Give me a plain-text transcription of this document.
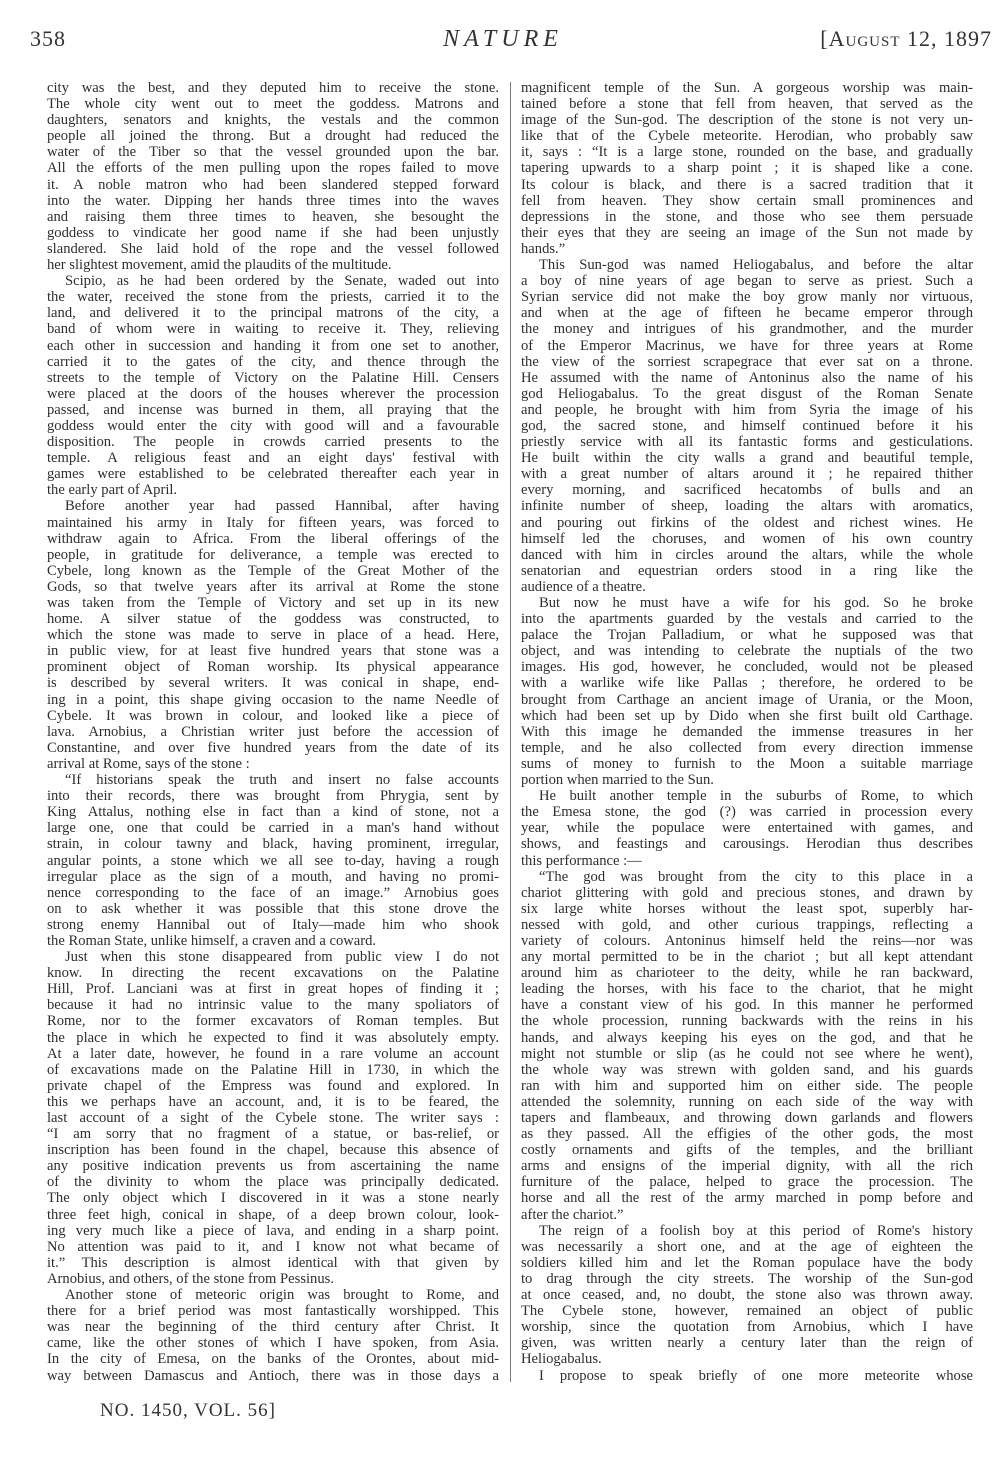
358	NATURE	[August 12, 1897
city was the best, and they deputed him to receive the stone.
The whole city went out to meet the goddess. Matrons and
daughters, senators and knights, the vestals and the common
people all joined the throng. But a drought had reduced the
water of the Tiber so that the vessel grounded upon the bar.
All the efforts of the men pulling upon the ropes failed to move
it. A noble matron who had been slandered stepped forward
into the water. Dipping her hands three times into the waves
and raising them three times to heaven, she besought the
goddess to vindicate her good name if she had been unjustly
slandered. She laid hold of the rope and the vessel followed
her slightest movement, amid the plaudits of the multitude.
Scipio, as he had been ordered by the Senate, waded out into
the water, received the stone from the priests, carried it to the
land, and delivered it to the principal matrons of the city, a
band of whom were in waiting to receive it. They, relieving
each other in succession and handing it from one set to another,
carried it to the gates of the city, and thence through the
streets to the temple of Victory on the Palatine Hill. Censers
were placed at the doors of the houses wherever the procession
passed, and incense was burned in them, all praying that the
goddess would enter the city with good will and a favourable
disposition. The people in crowds carried presents to the
temple. A religious feast and an eight days' festival with
games were established to be celebrated thereafter each year in
the early part of April.
Before another year had passed Hannibal, after having
maintained his army in Italy for fifteen years, was forced to
withdraw again to Africa. From the liberal offerings of the
people, in gratitude for deliverance, a temple was erected to
Cybele, long known as the Temple of the Great Mother of the
Gods, so that twelve years after its arrival at Rome the stone
was taken from the Temple of Victory and set up in its new
home. A silver statue of the goddess was constructed, to
which the stone was made to serve in place of a head. Here,
in public view, for at least five hundred years that stone was a
prominent object of Roman worship. Its physical appearance
is described by several writers. It was conical in shape, end-
ing in a point, this shape giving occasion to the name Needle of
Cybele. It was brown in colour, and looked like a piece of
lava. Arnobius, a Christian writer just before the accession of
Constantine, and over five hundred years from the date of its
arrival at Rome, says of the stone :
“If historians speak the truth and insert no false accounts
into their records, there was brought from Phrygia, sent by
King Attalus, nothing else in fact than a kind of stone, not a
large one, one that could be carried in a man's hand without
strain, in colour tawny and black, having prominent, irregular,
angular points, a stone which we all see to-day, having a rough
irregular place as the sign of a mouth, and having no promi-
nence corresponding to the face of an image.” Arnobius goes
on to ask whether it was possible that this stone drove the
strong enemy Hannibal out of Italy—made him who shook
the Roman State, unlike himself, a craven and a coward.
Just when this stone disappeared from public view I do not
know. In directing the recent excavations on the Palatine
Hill, Prof. Lanciani was at first in great hopes of finding it ;
because it had no intrinsic value to the many spoliators of
Rome, nor to the former excavators of Roman temples. But
the place in which he expected to find it was absolutely empty.
At a later date, however, he found in a rare volume an account
of excavations made on the Palatine Hill in 1730, in which the
private chapel of the Empress was found and explored. In
this we perhaps have an account, and, it is to be feared, the
last account of a sight of the Cybele stone. The writer says :
“I am sorry that no fragment of a statue, or bas-relief, or
inscription has been found in the chapel, because this absence of
any positive indication prevents us from ascertaining the name
of the divinity to whom the place was principally dedicated.
The only object which I discovered in it was a stone nearly
three feet high, conical in shape, of a deep brown colour, look-
ing very much like a piece of lava, and ending in a sharp point.
No attention was paid to it, and I know not what became of
it.” This description is almost identical with that given by
Arnobius, and others, of the stone from Pessinus.
Another stone of meteoric origin was brought to Rome, and
there for a brief period was most fantastically worshipped. This
was near the beginning of the third century after Christ. It
came, like the other stones of which I have spoken, from Asia.
In the city of Emesa, on the banks of the Orontes, about mid-
way between Damascus and Antioch, there was in those days a
magnificent temple of the Sun. A gorgeous worship was main-
tained before a stone that fell from heaven, that served as the
image of the Sun-god. The description of the stone is not very un-
like that of the Cybele meteorite. Herodian, who probably saw
it, says : “It is a large stone, rounded on the base, and gradually
tapering upwards to a sharp point ; it is shaped like a cone.
Its colour is black, and there is a sacred tradition that it
fell from heaven. They show certain small prominences and
depressions in the stone, and those who see them persuade
their eyes that they are seeing an image of the Sun not made by
hands.”
This Sun-god was named Heliogabalus, and before the altar
a boy of nine years of age began to serve as priest. Such a
Syrian service did not make the boy grow manly nor virtuous,
and when at the age of fifteen he became emperor through
the money and intrigues of his grandmother, and the murder
of the Emperor Macrinus, we have for three years at Rome
the view of the sorriest scrapegrace that ever sat on a throne.
He assumed with the name of Antoninus also the name of his
god Heliogabalus. To the great disgust of the Roman Senate
and people, he brought with him from Syria the image of his
god, the sacred stone, and himself continued before it his
priestly service with all its fantastic forms and gesticulations.
He built within the city walls a grand and beautiful temple,
with a great number of altars around it ; he repaired thither
every morning, and sacrificed hecatombs of bulls and an
infinite number of sheep, loading the altars with aromatics,
and pouring out firkins of the oldest and richest wines. He
himself led the choruses, and women of his own country
danced with him in circles around the altars, while the whole
senatorian and equestrian orders stood in a ring like the
audience of a theatre.
But now he must have a wife for his god. So he broke
into the apartments guarded by the vestals and carried to the
palace the Trojan Palladium, or what he supposed was that
object, and was intending to celebrate the nuptials of the two
images. His god, however, he concluded, would not be pleased
with a warlike wife like Pallas ; therefore, he ordered to be
brought from Carthage an ancient image of Urania, or the Moon,
which had been set up by Dido when she first built old Carthage.
With this image he demanded the immense treasures in her
temple, and he also collected from every direction immense
sums of money to furnish to the Moon a suitable marriage
portion when married to the Sun.
He built another temple in the suburbs of Rome, to which
the Emesa stone, the god (?) was carried in procession every
year, while the populace were entertained with games, and
shows, and feastings and carousings. Herodian thus describes
this performance :—
“The god was brought from the city to this place in a
chariot glittering with gold and precious stones, and drawn by
six large white horses without the least spot, superbly har-
nessed with gold, and other curious trappings, reflecting a
variety of colours. Antoninus himself held the reins—nor was
any mortal permitted to be in the chariot ; but all kept attendant
around him as charioteer to the deity, while he ran backward,
leading the horses, with his face to the chariot, that he might
have a constant view of his god. In this manner he performed
the whole procession, running backwards with the reins in his
hands, and always keeping his eyes on the god, and that he
might not stumble or slip (as he could not see where he went),
the whole way was strewn with golden sand, and his guards
ran with him and supported him on either side. The people
attended the solemnity, running on each side of the way with
tapers and flambeaux, and throwing down garlands and flowers
as they passed. All the effigies of the other gods, the most
costly ornaments and gifts of the temples, and the brilliant
arms and ensigns of the imperial dignity, with all the rich
furniture of the palace, helped to grace the procession. The
horse and all the rest of the army marched in pomp before and
after the chariot.”
The reign of a foolish boy at this period of Rome's history
was necessarily a short one, and at the age of eighteen the
soldiers killed him and let the Roman populace have the body
to drag through the city streets. The worship of the Sun-god
at once ceased, and, no doubt, the stone also was thrown away.
The Cybele stone, however, remained an object of public
worship, since the quotation from Arnobius, which I have
given, was written nearly a century later than the reign of
Heliogabalus.
I propose to speak briefly of one more meteorite whose
NO. 1450, VOL. 56]
